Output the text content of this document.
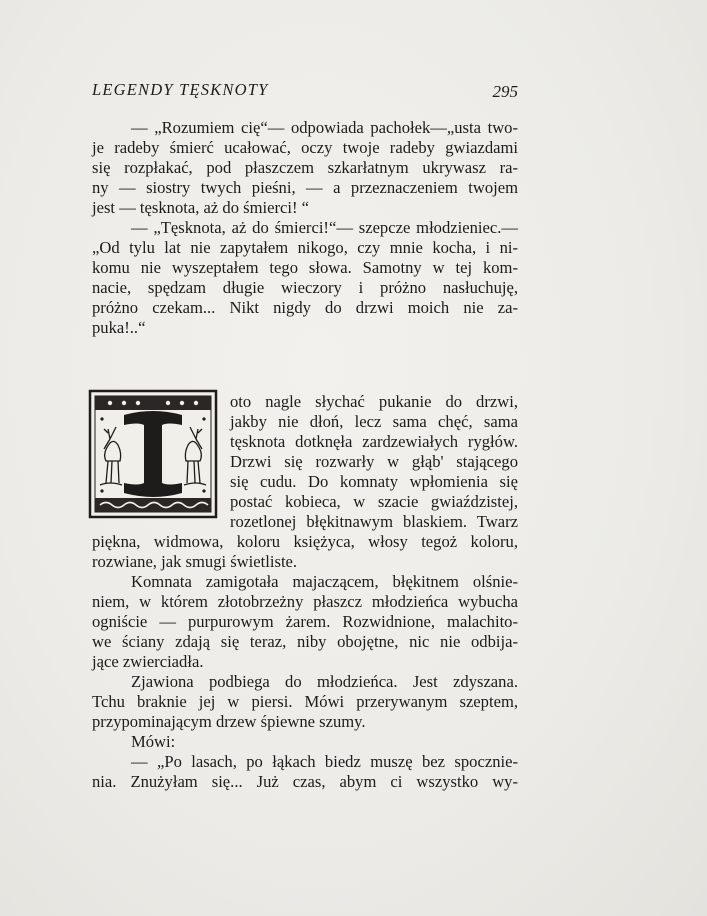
LEGENDY TĘSKNOTY	295
— „Rozumiem cię“— odpowiada pachołek—„usta two-
je radeby śmierć ucałować, oczy twoje radeby gwiazdami
się rozpłakać, pod płaszczem szkarłatnym ukrywasz ra-
ny — siostry twych pieśni, — a przeznaczeniem twojem
jest — tęsknota, aż do śmierci! “
— „Tęsknota, aż do śmierci!“— szepcze młodzieniec.—
„Od tylu lat nie zapytałem nikogo, czy mnie kocha, i ni-
komu nie wyszeptałem tego słowa. Samotny w tej kom-
nacie, spędzam długie wieczory i próżno nasłuchuję,
próżno czekam... Nikt nigdy do drzwi moich nie za-
puka!..“
oto nagle słychać pukanie do drzwi,
jakby nie dłoń, lecz sama chęć, sama
tęsknota dotknęła zardzewiałych rygłów.
Drzwi się rozwarły w głąb' stającego
się cudu. Do komnaty wpłomienia się
postać kobieca, w szacie gwiaździstej,
rozetlonej błękitnawym blaskiem. Twarz
piękna, widmowa, koloru księżyca, włosy tegoż koloru,
rozwiane, jak smugi świetliste.
Komnata zamigotała majaczącem, błękitnem olśnie-
niem, w którem złotobrzeżny płaszcz młodzieńca wybucha
ogniście — purpurowym żarem. Rozwidnione, malachito-
we ściany zdają się teraz, niby obojętne, nic nie odbija-
jące zwierciadła.
Zjawiona podbiega do młodzieńca. Jest zdyszana.
Tchu braknie jej w piersi. Mówi przerywanym szeptem,
przypominającym drzew śpiewne szumy.
Mówi:
— „Po lasach, po łąkach biedz muszę bez spocznie-
nia. Znużyłam się... Już czas, abym ci wszystko wy-
